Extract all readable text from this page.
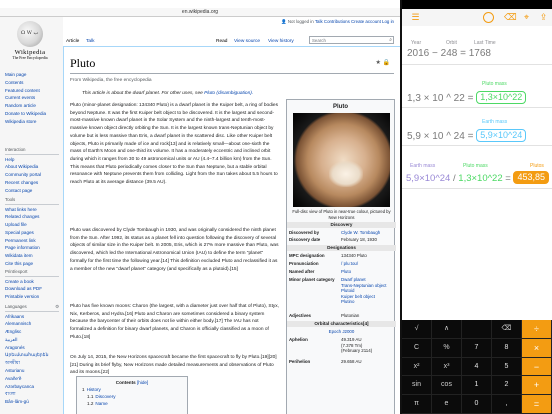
en.wikipedia.org
Ω W ب
Wikipedia
The Free Encyclopedia
Main page
Contents
Featured content
Current events
Random article
Donate to Wikipedia
Wikipedia store
Interaction
Help
About Wikipedia
Community portal
Recent changes
Contact page
Tools
What links here
Related changes
Upload file
Special pages
Permanent link
Page information
Wikidata item
Cite this page
Print/export
Create a book
Download as PDF
Printable version
Languages	⚙
Afrikaans
Alemannisch
Ænglisc
العربية
Aragonés
Արեւմտահայերեն
অসমীয়া
Asturianu
Avañe'ẽ
Azərbaycanca
বাংলা
Bân-lâm-gú
👤 Not logged in Talk Contributions Create account Log in
Article Talk	Read View source View history	Search	⌕
Pluto	★ 🔒
From Wikipedia, the free encyclopedia
This article is about the dwarf planet. For other uses, see Pluto (disambiguation).
Pluto (minor-planet designation: 134340 Pluto) is a dwarf planet in the Kuiper belt, a ring of bodies beyond Neptune. It was the first Kuiper belt object to be discovered. It is the largest and second-most-massive known dwarf planet in the Solar System and the ninth-largest and tenth-most-massive known object directly orbiting the Sun. It is the largest known trans-Neptunian object by volume but is less massive than Eris, a dwarf planet in the scattered disc. Like other Kuiper belt objects, Pluto is primarily made of ice and rock[13] and is relatively small—about one-sixth the mass of Earth's Moon and one-third its volume. It has a moderately eccentric and inclined orbit during which it ranges from 30 to 49 astronomical units or AU (4.4–7.4 billion km) from the Sun. This means that Pluto periodically comes closer to the Sun than Neptune, but a stable orbital resonance with Neptune prevents them from colliding. Light from the Sun takes about 5.5 hours to reach Pluto at its average distance (39.5 AU).
Pluto was discovered by Clyde Tombaugh in 1930, and was originally considered the ninth planet from the Sun. After 1992, its status as a planet fell into question following the discovery of several objects of similar size in the Kuiper belt. In 2005, Eris, which is 27% more massive than Pluto, was discovered, which led the International Astronomical Union (IAU) to define the term "planet" formally for the first time the following year.[14] This definition excluded Pluto and reclassified it as a member of the new "dwarf planet" category (and specifically as a plutoid).[15]
Pluto has five known moons: Charon (the largest, with a diameter just over half that of Pluto), Styx, Nix, Kerberos, and Hydra.[16] Pluto and Charon are sometimes considered a binary system because the barycenter of their orbits does not lie within either body.[17] The IAU has not formalized a definition for binary dwarf planets, and Charon is officially classified as a moon of Pluto.[18]
On July 14, 2015, the New Horizons spacecraft became the first spacecraft to fly by Pluto.[19][20][21] During its brief flyby, New Horizons made detailed measurements and observations of Pluto and its moons.[22]
Contents [hide]
1 History
1.1 Discovery
1.2 Name
Pluto
Full-disc view of Pluto in near-true colour, pictured by New Horizons
Discovery
Discovered by	Clyde W. Tombaugh
Discovery date	February 18, 1930
Designations
MPC designation	134340 Pluto
Pronunciation	/ˈpluːtoʊ/
Named after	Pluto
Minor planet category	Dwarf planet
Trans-Neptunian object
Plutoid
Kuiper belt object
Plutino
Adjectives	Plutonian
Orbital characteristics[4]
Epoch J2000
Aphelion	49.319 AU
(7.378 Tm)
(February 2114)
Perihelion	29.658 AU
☰	⌫ ⌖	⇪
Year	Orbit	Last Time
2016 − 248 = 1768
Pluto mass
1,3 × 10 ^ 22 = 1,3×10^22
Earth mass
5,9 × 10 ^ 24 = 5,9×10^24
Earth mass	Pluto mass	Plutos
5,9×10^24 / 1,3×10^22 = 453,85
√	∧	⌫	÷
C	%	7	8	×
x²	x³	4	5	−
sin	cos	1	2	+
π	e	0	,	=
